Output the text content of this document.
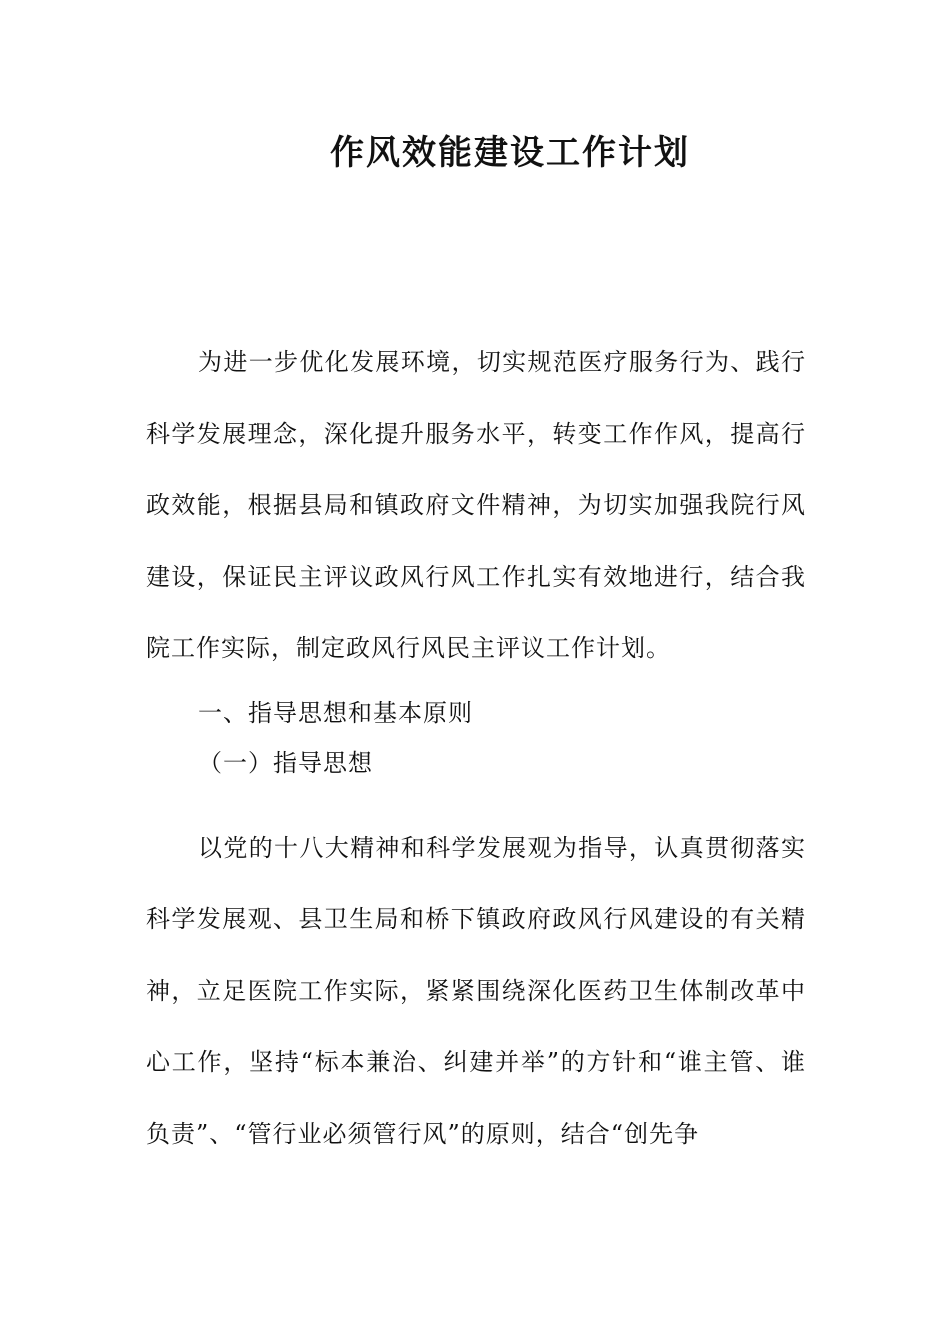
作风效能建设工作计划

为进一步优化发展环境，切实规范医疗服务行为、践行科学发展理念，深化提升服务水平，转变工作作风，提高行政效能，根据县局和镇政府文件精神，为切实加强我院行风建设，保证民主评议政风行风工作扎实有效地进行，结合我院工作实际，制定政风行风民主评议工作计划。

一、指导思想和基本原则

（一）指导思想

以党的十八大精神和科学发展观为指导，认真贯彻落实科学发展观、县卫生局和桥下镇政府政风行风建设的有关精神，立足医院工作实际，紧紧围绕深化医药卫生体制改革中心工作，坚持“标本兼治、纠建并举”的方针和“谁主管、谁负责”、“管行业必须管行风”的原则，结合“创先争
